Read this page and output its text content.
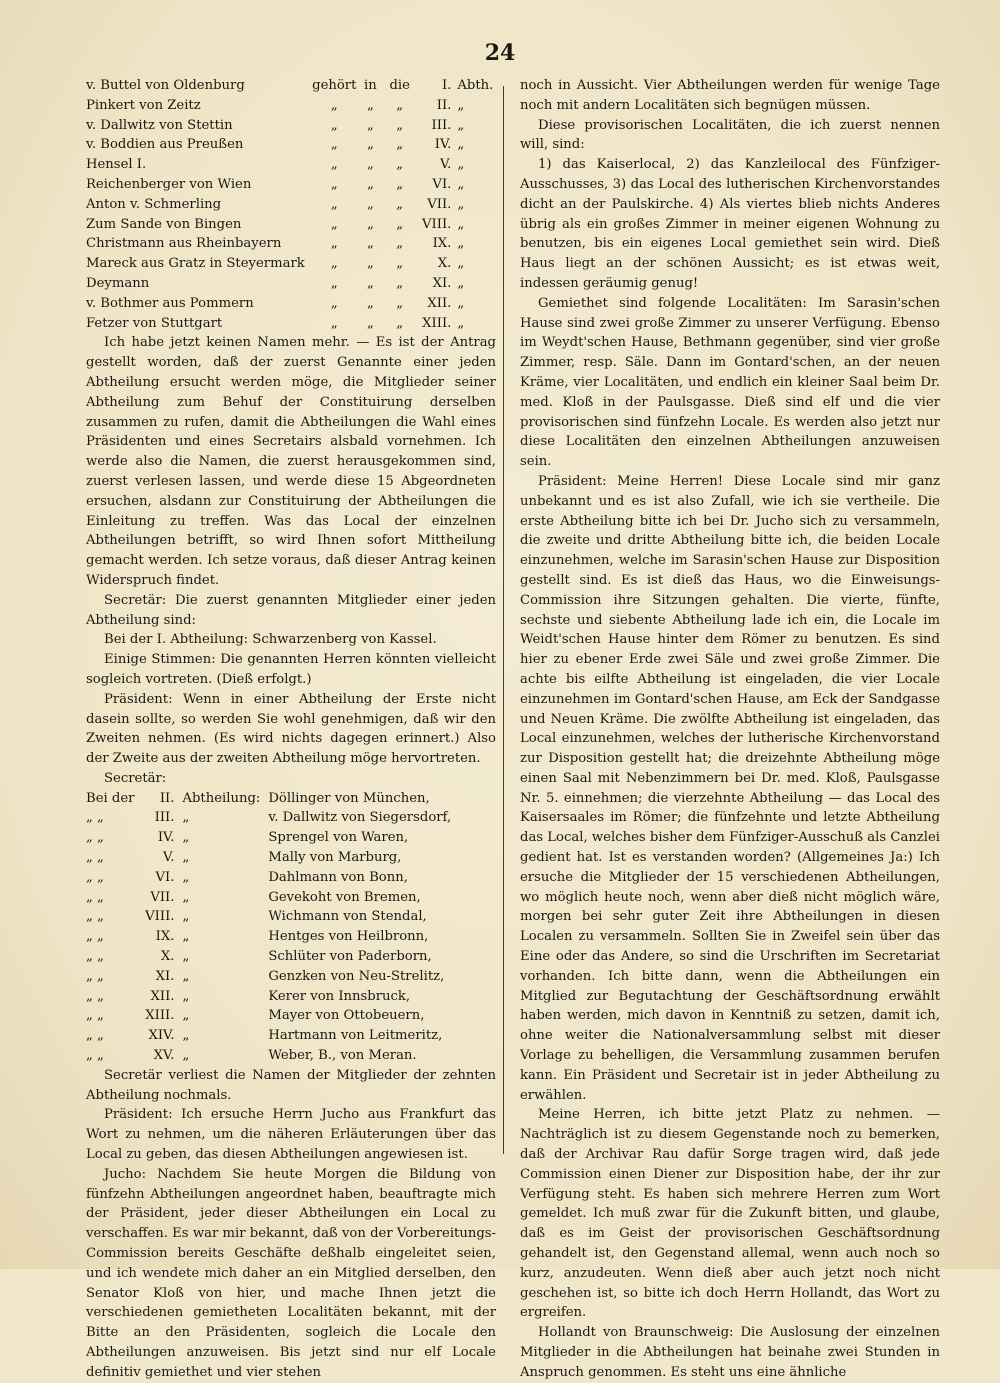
24
v. Buttel von Oldenburg	gehört	in	die	I.	Abth.
Pinkert von Zeitz	„	„	„	II.	„
v. Dallwitz von Stettin	„	„	„	III.	„
v. Boddien aus Preußen	„	„	„	IV.	„
Hensel I.	„	„	„	V.	„
Reichenberger von Wien	„	„	„	VI.	„
Anton v. Schmerling	„	„	„	VII.	„
Zum Sande von Bingen	„	„	„	VIII.	„
Christmann aus Rheinbayern	„	„	„	IX.	„
Mareck aus Gratz in Steyermark	„	„	„	X.	„
Deymann	„	„	„	XI.	„
v. Bothmer aus Pommern	„	„	„	XII.	„
Fetzer von Stuttgart	„	„	„	XIII.	„

Ich habe jetzt keinen Namen mehr. — Es ist der Antrag gestellt worden, daß der zuerst Genannte einer jeden Abtheilung ersucht werden möge, die Mitglieder seiner Abtheilung zum Behuf der Constituirung derselben zusammen zu rufen, damit die Abtheilungen die Wahl eines Präsidenten und eines Secretairs alsbald vornehmen. Ich werde also die Namen, die zuerst herausgekommen sind, zuerst verlesen lassen, und werde diese 15 Abgeordneten ersuchen, alsdann zur Constituirung der Abtheilungen die Einleitung zu treffen. Was das Local der einzelnen Abtheilungen betrifft, so wird Ihnen sofort Mittheilung gemacht werden. Ich setze voraus, daß dieser Antrag keinen Widerspruch findet.

Secretär: Die zuerst genannten Mitglieder einer jeden Abtheilung sind:

Bei der I. Abtheilung: Schwarzenberg von Kassel.

Einige Stimmen: Die genannten Herren könnten vielleicht sogleich vortreten. (Dieß erfolgt.)

Präsident: Wenn in einer Abtheilung der Erste nicht dasein sollte, so werden Sie wohl genehmigen, daß wir den Zweiten nehmen. (Es wird nichts dagegen erinnert.) Also der Zweite aus der zweiten Abtheilung möge hervortreten.

Secretär:

Bei der	II.	Abtheilung:	Döllinger von München,
„ „	III.	„	v. Dallwitz von Siegersdorf,
„ „	IV.	„	Sprengel von Waren,
„ „	V.	„	Mally von Marburg,
„ „	VI.	„	Dahlmann von Bonn,
„ „	VII.	„	Gevekoht von Bremen,
„ „	VIII.	„	Wichmann von Stendal,
„ „	IX.	„	Hentges von Heilbronn,
„ „	X.	„	Schlüter von Paderborn,
„ „	XI.	„	Genzken von Neu-Strelitz,
„ „	XII.	„	Kerer von Innsbruck,
„ „	XIII.	„	Mayer von Ottobeuern,
„ „	XIV.	„	Hartmann von Leitmeritz,
„ „	XV.	„	Weber, B., von Meran.

Secretär verliest die Namen der Mitglieder der zehnten Abtheilung nochmals.

Präsident: Ich ersuche Herrn Jucho aus Frankfurt das Wort zu nehmen, um die näheren Erläuterungen über das Local zu geben, das diesen Abtheilungen angewiesen ist.

Jucho: Nachdem Sie heute Morgen die Bildung von fünfzehn Abtheilungen angeordnet haben, beauftragte mich der Präsident, jeder dieser Abtheilungen ein Local zu verschaffen. Es war mir bekannt, daß von der Vorbereitungs-Commission bereits Geschäfte deßhalb eingeleitet seien, und ich wendete mich daher an ein Mitglied derselben, den Senator Kloß von hier, und mache Ihnen jetzt die verschiedenen gemietheten Localitäten bekannt, mit der Bitte an den Präsidenten, sogleich die Locale den Abtheilungen anzuweisen. Bis jetzt sind nur elf Locale definitiv gemiethet und vier stehen

noch in Aussicht. Vier Abtheilungen werden für wenige Tage noch mit andern Localitäten sich begnügen müssen.

Diese provisorischen Localitäten, die ich zuerst nennen will, sind:

1) das Kaiserlocal, 2) das Kanzleilocal des Fünfziger-Ausschusses, 3) das Local des lutherischen Kirchenvorstandes dicht an der Paulskirche. 4) Als viertes blieb nichts Anderes übrig als ein großes Zimmer in meiner eigenen Wohnung zu benutzen, bis ein eigenes Local gemiethet sein wird. Dieß Haus liegt an der schönen Aussicht; es ist etwas weit, indessen geräumig genug!

Gemiethet sind folgende Localitäten: Im Sarasin'schen Hause sind zwei große Zimmer zu unserer Verfügung. Ebenso im Weydt'schen Hause, Bethmann gegenüber, sind vier große Zimmer, resp. Säle. Dann im Gontard'schen, an der neuen Kräme, vier Localitäten, und endlich ein kleiner Saal beim Dr. med. Kloß in der Paulsgasse. Dieß sind elf und die vier provisorischen sind fünfzehn Locale. Es werden also jetzt nur diese Localitäten den einzelnen Abtheilungen anzuweisen sein.

Präsident: Meine Herren! Diese Locale sind mir ganz unbekannt und es ist also Zufall, wie ich sie vertheile. Die erste Abtheilung bitte ich bei Dr. Jucho sich zu versammeln, die zweite und dritte Abtheilung bitte ich, die beiden Locale einzunehmen, welche im Sarasin'schen Hause zur Disposition gestellt sind. Es ist dieß das Haus, wo die Einweisungs-Commission ihre Sitzungen gehalten. Die vierte, fünfte, sechste und siebente Abtheilung lade ich ein, die Locale im Weidt'schen Hause hinter dem Römer zu benutzen. Es sind hier zu ebener Erde zwei Säle und zwei große Zimmer. Die achte bis eilfte Abtheilung ist eingeladen, die vier Locale einzunehmen im Gontard'schen Hause, am Eck der Sandgasse und Neuen Kräme. Die zwölfte Abtheilung ist eingeladen, das Local einzunehmen, welches der lutherische Kirchenvorstand zur Disposition gestellt hat; die dreizehnte Abtheilung möge einen Saal mit Nebenzimmern bei Dr. med. Kloß, Paulsgasse Nr. 5. einnehmen; die vierzehnte Abtheilung — das Local des Kaisersaales im Römer; die fünfzehnte und letzte Abtheilung das Local, welches bisher dem Fünfziger-Ausschuß als Canzlei gedient hat. Ist es verstanden worden? (Allgemeines Ja:) Ich ersuche die Mitglieder der 15 verschiedenen Abtheilungen, wo möglich heute noch, wenn aber dieß nicht möglich wäre, morgen bei sehr guter Zeit ihre Abtheilungen in diesen Localen zu versammeln. Sollten Sie in Zweifel sein über das Eine oder das Andere, so sind die Urschriften im Secretariat vorhanden. Ich bitte dann, wenn die Abtheilungen ein Mitglied zur Begutachtung der Geschäftsordnung erwählt haben werden, mich davon in Kenntniß zu setzen, damit ich, ohne weiter die Nationalversammlung selbst mit dieser Vorlage zu behelligen, die Versammlung zusammen berufen kann. Ein Präsident und Secretair ist in jeder Abtheilung zu erwählen.

Meine Herren, ich bitte jetzt Platz zu nehmen. — Nachträglich ist zu diesem Gegenstande noch zu bemerken, daß der Archivar Rau dafür Sorge tragen wird, daß jede Commission einen Diener zur Disposition habe, der ihr zur Verfügung steht. Es haben sich mehrere Herren zum Wort gemeldet. Ich muß zwar für die Zukunft bitten, und glaube, daß es im Geist der provisorischen Geschäftsordnung gehandelt ist, den Gegenstand allemal, wenn auch noch so kurz, anzudeuten. Wenn dieß aber auch jetzt noch nicht geschehen ist, so bitte ich doch Herrn Hollandt, das Wort zu ergreifen.

Hollandt von Braunschweig: Die Auslosung der einzelnen Mitglieder in die Abtheilungen hat beinahe zwei Stunden in Anspruch genommen. Es steht uns eine ähnliche
